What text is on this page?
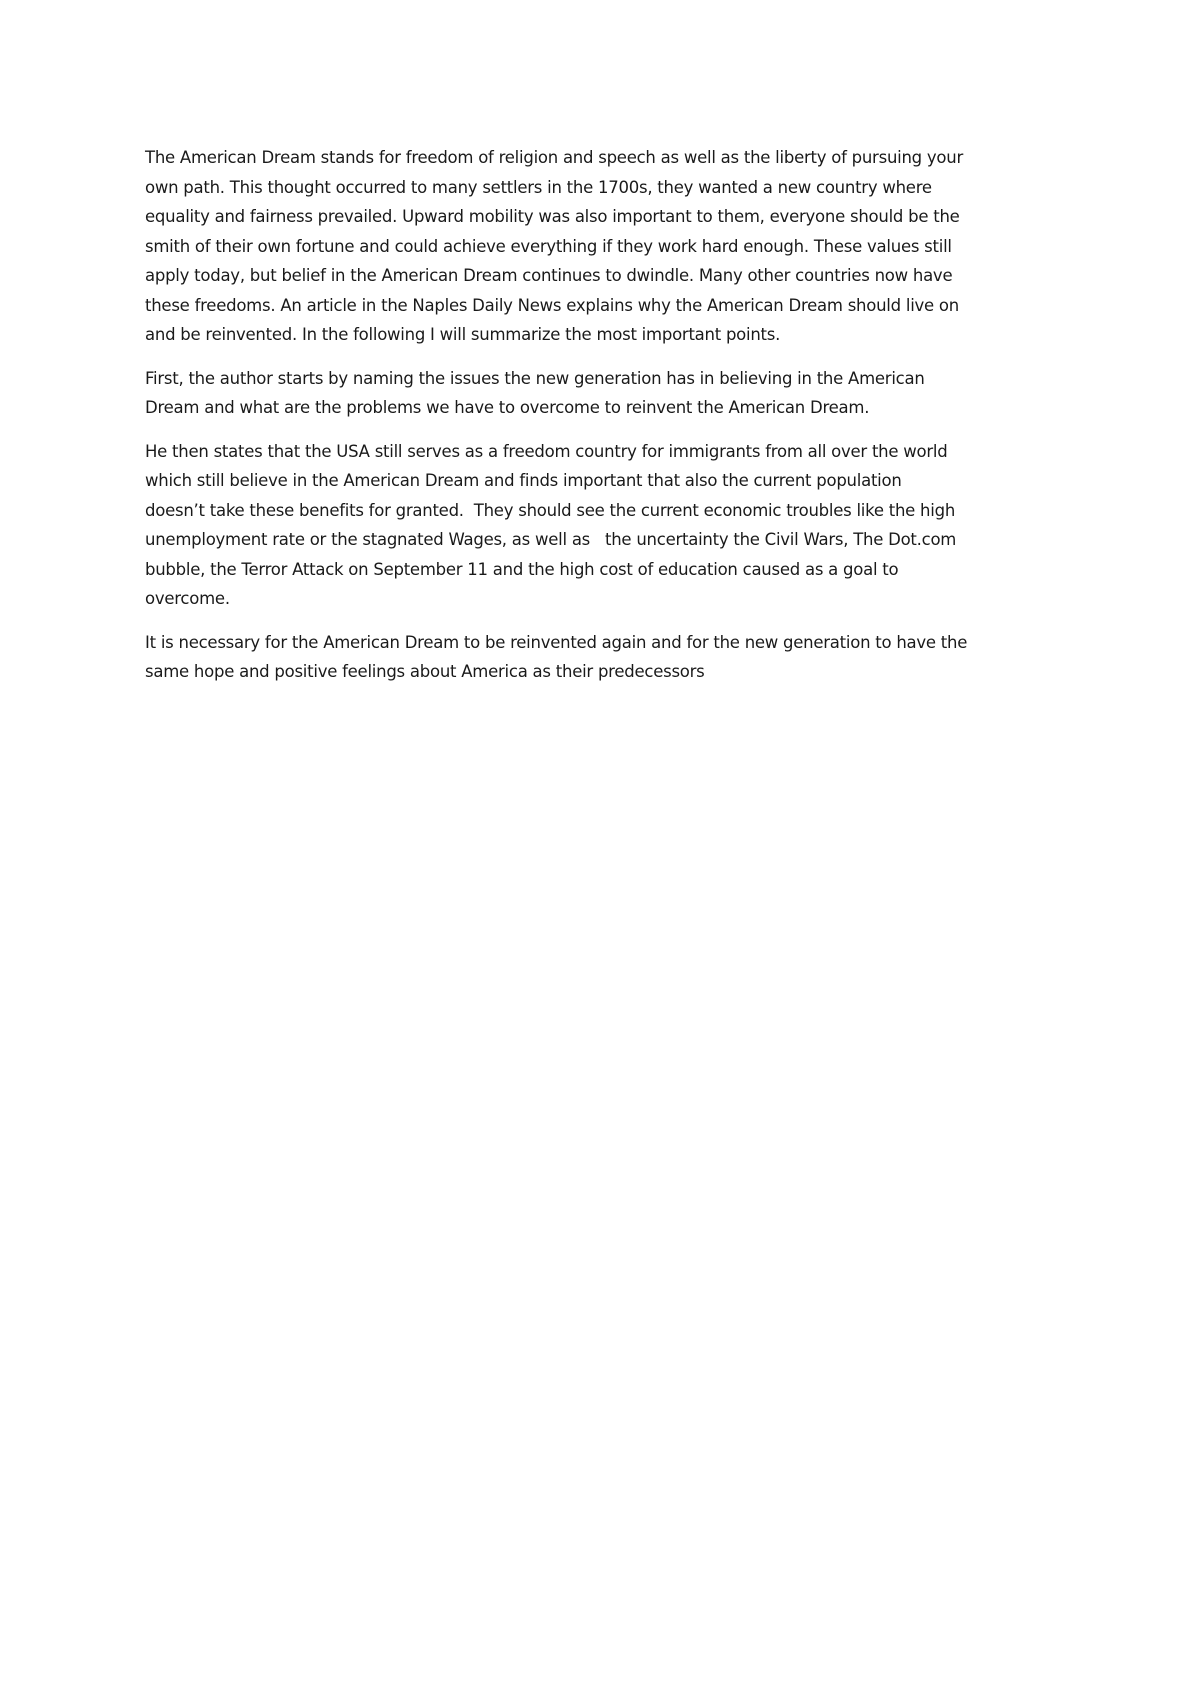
The American Dream stands for freedom of religion and speech as well as the liberty of pursuing your
own path. This thought occurred to many settlers in the 1700s, they wanted a new country where
equality and fairness prevailed. Upward mobility was also important to them, everyone should be the
smith of their own fortune and could achieve everything if they work hard enough. These values still
apply today, but belief in the American Dream continues to dwindle. Many other countries now have
these freedoms. An article in the Naples Daily News explains why the American Dream should live on
and be reinvented. In the following I will summarize the most important points.

First, the author starts by naming the issues the new generation has in believing in the American
Dream and what are the problems we have to overcome to reinvent the American Dream.

He then states that the USA still serves as a freedom country for immigrants from all over the world
which still believe in the American Dream and finds important that also the current population
doesn’t take these benefits for granted.  They should see the current economic troubles like the high
unemployment rate or the stagnated Wages, as well as   the uncertainty the Civil Wars, The Dot.com
bubble, the Terror Attack on September 11 and the high cost of education caused as a goal to
overcome.

It is necessary for the American Dream to be reinvented again and for the new generation to have the
same hope and positive feelings about America as their predecessors
